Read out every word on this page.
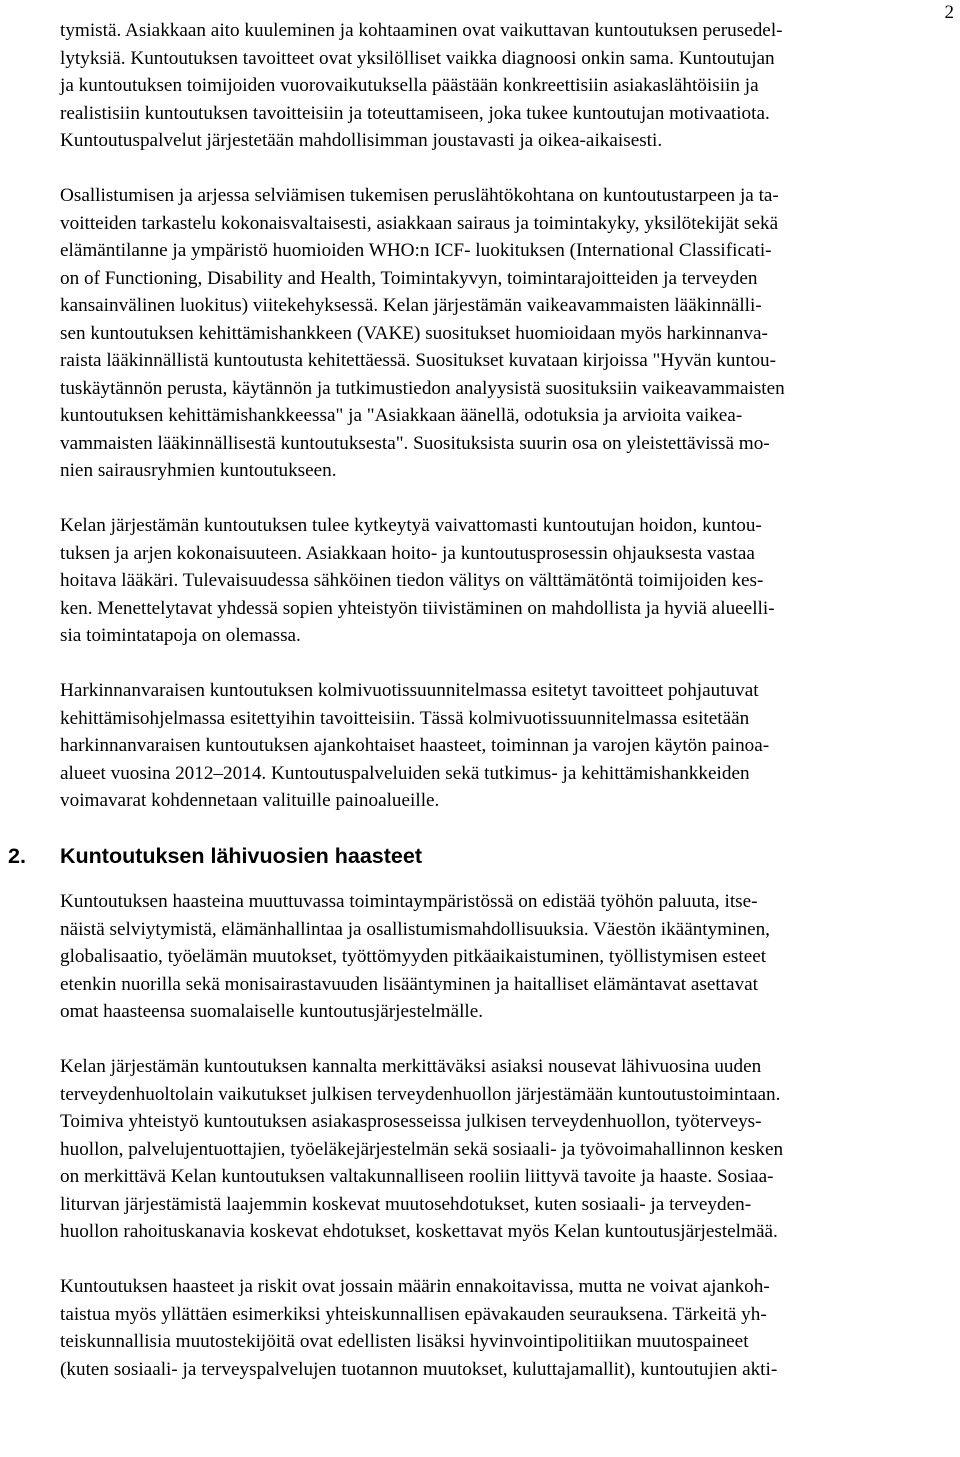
2
tymistä. Asiakkaan aito kuuleminen ja kohtaaminen ovat vaikuttavan kuntoutuksen perusedel-
lytyksiä. Kuntoutuksen tavoitteet ovat yksilölliset vaikka diagnoosi onkin sama. Kuntoutujan
ja kuntoutuksen toimijoiden vuorovaikutuksella päästään konkreettisiin asiakaslähtöisiin ja
realistisiin kuntoutuksen tavoitteisiin ja toteuttamiseen, joka tukee kuntoutujan motivaatiota.
Kuntoutuspalvelut järjestetään mahdollisimman joustavasti ja oikea-aikaisesti.
Osallistumisen ja arjessa selviämisen tukemisen peruslähtökohtana on kuntoutustarpeen ja ta-
voitteiden tarkastelu kokonaisvaltaisesti, asiakkaan sairaus ja toimintakyky, yksilötekijät sekä
elämäntilanne ja ympäristö huomioiden WHO:n ICF- luokituksen (International Classificati-
on of Functioning, Disability and Health, Toimintakyvyn, toimintarajoitteiden ja terveyden
kansainvälinen luokitus) viitekehyksessä. Kelan järjestämän vaikeavammaisten lääkinnälli-
sen kuntoutuksen kehittämishankkeen (VAKE) suositukset huomioidaan myös harkinnanva-
raista lääkinnällistä kuntoutusta kehitettäessä. Suositukset kuvataan kirjoissa "Hyvän kuntou-
tuskäytännön perusta, käytännön ja tutkimustiedon analyysistä suosituksiin vaikeavammaisten
kuntoutuksen kehittämishankkeessa" ja "Asiakkaan äänellä, odotuksia ja arvioita vaikea-
vammaisten lääkinnällisestä kuntoutuksesta". Suosituksista suurin osa on yleistettävissä mo-
nien sairausryhmien kuntoutukseen.
Kelan järjestämän kuntoutuksen tulee kytkeytyä vaivattomasti kuntoutujan hoidon, kuntou-
tuksen ja arjen kokonaisuuteen. Asiakkaan hoito- ja kuntoutusprosessin ohjauksesta vastaa
hoitava lääkäri. Tulevaisuudessa sähköinen tiedon välitys on välttämätöntä toimijoiden kes-
ken. Menettelytavat yhdessä sopien yhteistyön tiivistäminen on mahdollista ja hyviä alueelli-
sia toimintatapoja on olemassa.
Harkinnanvaraisen kuntoutuksen kolmivuotissuunnitelmassa esitetyt tavoitteet pohjautuvat
kehittämisohjelmassa esitettyihin tavoitteisiin. Tässä kolmivuotissuunnitelmassa esitetään
harkinnanvaraisen kuntoutuksen ajankohtaiset haasteet, toiminnan ja varojen käytön painoa-
alueet vuosina 2012–2014. Kuntoutuspalveluiden sekä tutkimus- ja kehittämishankkeiden
voimavarat kohdennetaan valituille painoalueille.
2.	Kuntoutuksen lähivuosien haasteet
Kuntoutuksen haasteina muuttuvassa toimintaympäristössä on edistää työhön paluuta, itse-
näistä selviytymistä, elämänhallintaa ja osallistumismahdollisuuksia. Väestön ikääntyminen,
globalisaatio, työelämän muutokset, työttömyyden pitkäaikaistuminen, työllistymisen esteet
etenkin nuorilla sekä monisairastavuuden lisääntyminen ja haitalliset elämäntavat asettavat
omat haasteensa suomalaiselle kuntoutusjärjestelmälle.
Kelan järjestämän kuntoutuksen kannalta merkittäväksi asiaksi nousevat lähivuosina uuden
terveydenhuoltolain vaikutukset julkisen terveydenhuollon järjestämään kuntoutustoimintaan.
Toimiva yhteistyö kuntoutuksen asiakasprosesseissa julkisen terveydenhuollon, työterveys-
huollon, palvelujentuottajien, työeläkejärjestelmän sekä sosiaali- ja työvoimahallinnon kesken
on merkittävä Kelan kuntoutuksen valtakunnalliseen rooliin liittyvä tavoite ja haaste. Sosiaa-
liturvan järjestämistä laajemmin koskevat muutosehdotukset, kuten sosiaali- ja terveyden-
huollon rahoituskanavia koskevat ehdotukset, koskettavat myös Kelan kuntoutusjärjestelmää.
Kuntoutuksen haasteet ja riskit ovat jossain määrin ennakoitavissa, mutta ne voivat ajankoh-
taistua myös yllättäen esimerkiksi yhteiskunnallisen epävakauden seurauksena. Tärkeitä yh-
teiskunnallisia muutostekijöitä ovat edellisten lisäksi hyvinvointipolitiikan muutospaineet
(kuten sosiaali- ja terveyspalvelujen tuotannon muutokset, kuluttajamallit), kuntoutujien akti-
